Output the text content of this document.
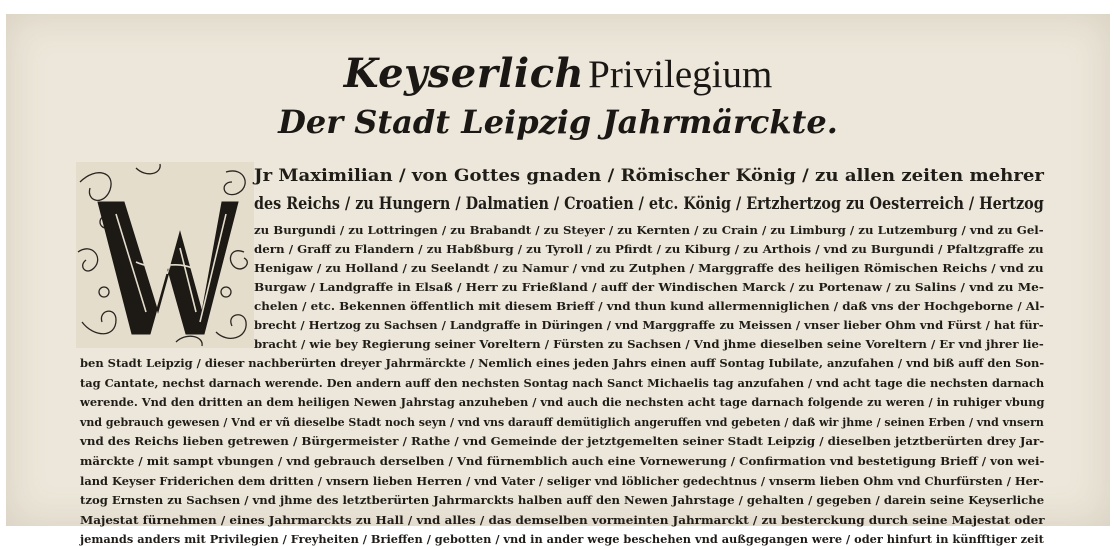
Keyserlich Privilegium
Der Stadt Leipzig Jahrmärckte.
W
Jr Maximilian / von Gottes gnaden / Römischer König / zu allen zeiten mehrer
des Reichs / zu Hungern / Dalmatien / Croatien / etc. König / Ertzhertzog zu Oesterreich / Hertzog
zu Burgundi / zu Lottringen / zu Brabandt / zu Steyer / zu Kernten / zu Crain / zu Limburg / zu Lutzemburg / vnd zu Gel-
dern / Graff zu Flandern / zu Habßburg / zu Tyroll / zu Pfirdt / zu Kiburg / zu Arthois / vnd zu Burgundi / Pfaltzgraffe zu
Henigaw / zu Holland / zu Seelandt / zu Namur / vnd zu Zutphen / Marggraffe des heiligen Römischen Reichs / vnd zu
Burgaw / Landgraffe in Elsaß / Herr zu Frießland / auff der Windischen Marck / zu Portenaw / zu Salins / vnd zu Me-
chelen / etc. Bekennen öffentlich mit diesem Brieff / vnd thun kund allermenniglichen / daß vns der Hochgeborne / Al-
brecht / Hertzog zu Sachsen / Landgraffe in Düringen / vnd Marggraffe zu Meissen / vnser lieber Ohm vnd Fürst / hat für-
bracht / wie bey Regierung seiner Voreltern / Fürsten zu Sachsen / Vnd jhme dieselben seine Voreltern / Er vnd jhrer lie-
ben Stadt Leipzig / dieser nachberürten dreyer Jahrmärckte / Nemlich eines jeden Jahrs einen auff Sontag Iubilate, anzufahen / vnd biß auff den Son-
tag Cantate, nechst darnach werende. Den andern auff den nechsten Sontag nach Sanct Michaelis tag anzufahen / vnd acht tage die nechsten darnach
werende. Vnd den dritten an dem heiligen Newen Jahrstag anzuheben / vnd auch die nechsten acht tage darnach folgende zu weren / in ruhiger vbung
vnd gebrauch gewesen / Vnd er vñ dieselbe Stadt noch seyn / vnd vns darauff demütiglich angeruffen vnd gebeten / daß wir jhme / seinen Erben / vnd vnsern
vnd des Reichs lieben getrewen / Bürgermeister / Rathe / vnd Gemeinde der jetztgemelten seiner Stadt Leipzig / dieselben jetztberürten drey Jar-
märckte / mit sampt vbungen / vnd gebrauch derselben / Vnd fürnemblich auch eine Vornewerung / Confirmation vnd bestetigung Brieff / von wei-
land Keyser Friderichen dem dritten / vnsern lieben Herren / vnd Vater / seliger vnd löblicher gedechtnus / vnserm lieben Ohm vnd Churfürsten / Her-
tzog Ernsten zu Sachsen / vnd jhme des letztberürten Jahrmarckts halben auff den Newen Jahrstage / gehalten / gegeben / darein seine Keyserliche
Majestat fürnehmen / eines Jahrmarckts zu Hall / vnd alles / das demselben vormeinten Jahrmarckt / zu besterckung durch seine Majestat oder
jemands anders mit Privilegien / Freyheiten / Brieffen / gebotten / vnd in ander wege beschehen vnd außgegangen were / oder hinfurt in künfftiger zeit
